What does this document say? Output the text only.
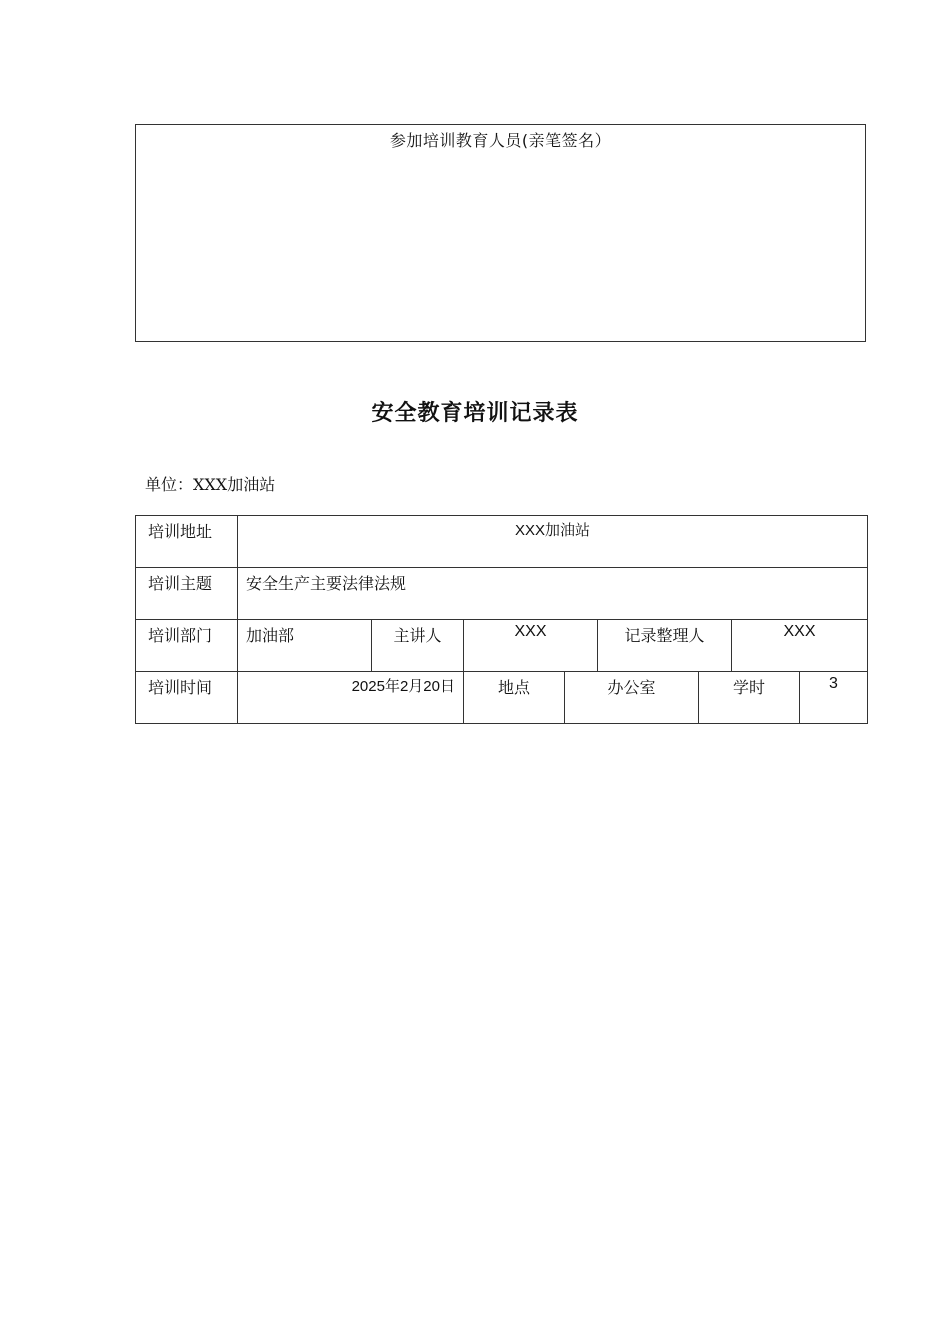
参加培训教育人员(亲笔签名）
安全教育培训记录表
单位：XXX加油站
培训地址	XXX加油站							
培训主题	安全生产主要法律法规							
培训部门	加油部	主讲人	XXX		记录整理人		XXX	
培训时间	2025年2月20日		地点	办公室		学时		3
